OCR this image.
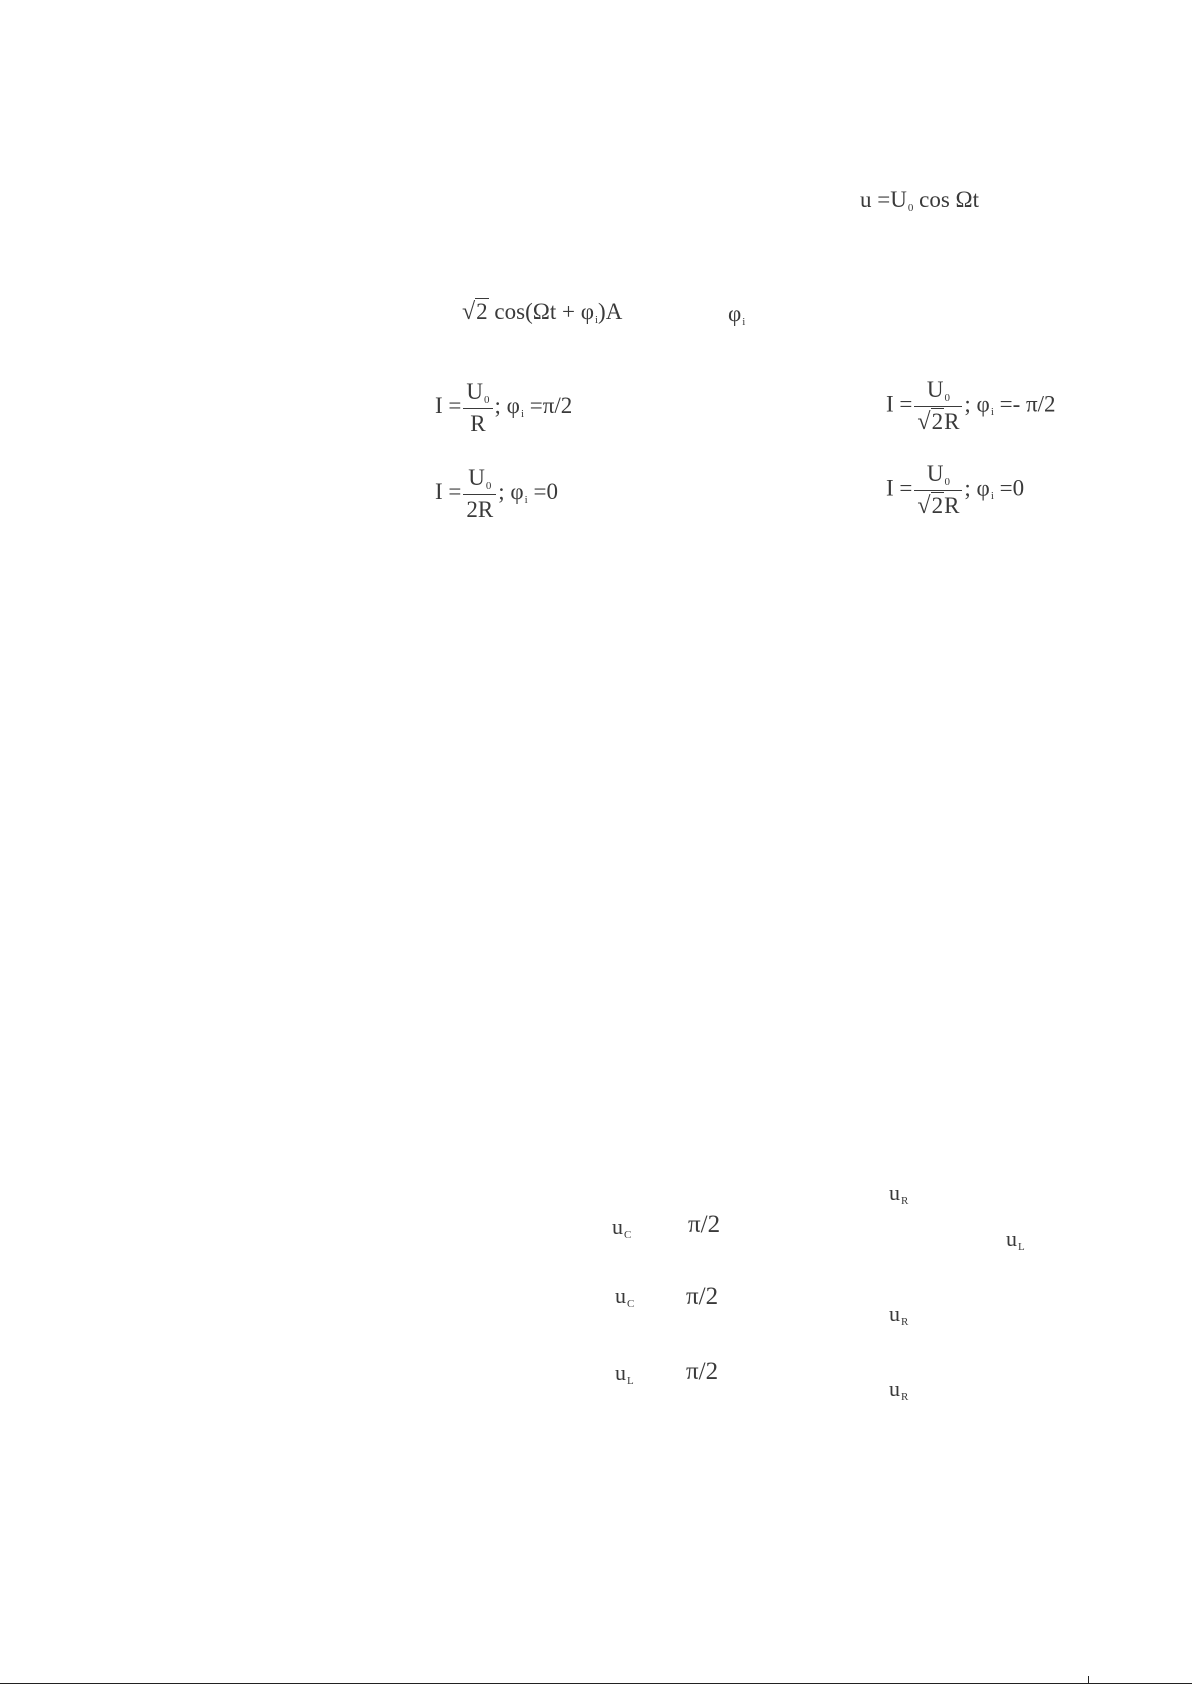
$u =U_0$ cos Ωt
√2 $\cos(\Omega t + \varphi_i)A$	$\varphi_i$
$I = \frac{U_0}{R}$ ; $\varphi_i =\pi/2$	$I = \frac{U_0}{√2R}$ ; $\varphi_i =- \pi/2$
$I = \frac{U_0}{2R}$ ; $\varphi_i =0$	$I = \frac{U_0}{√2R}$ ; $\varphi_i =0$
$u_C$ π/2
$u_C$ π/2
$u_L$ π/2
$u_R$
$u_L$
$u_R$
$u_R$
